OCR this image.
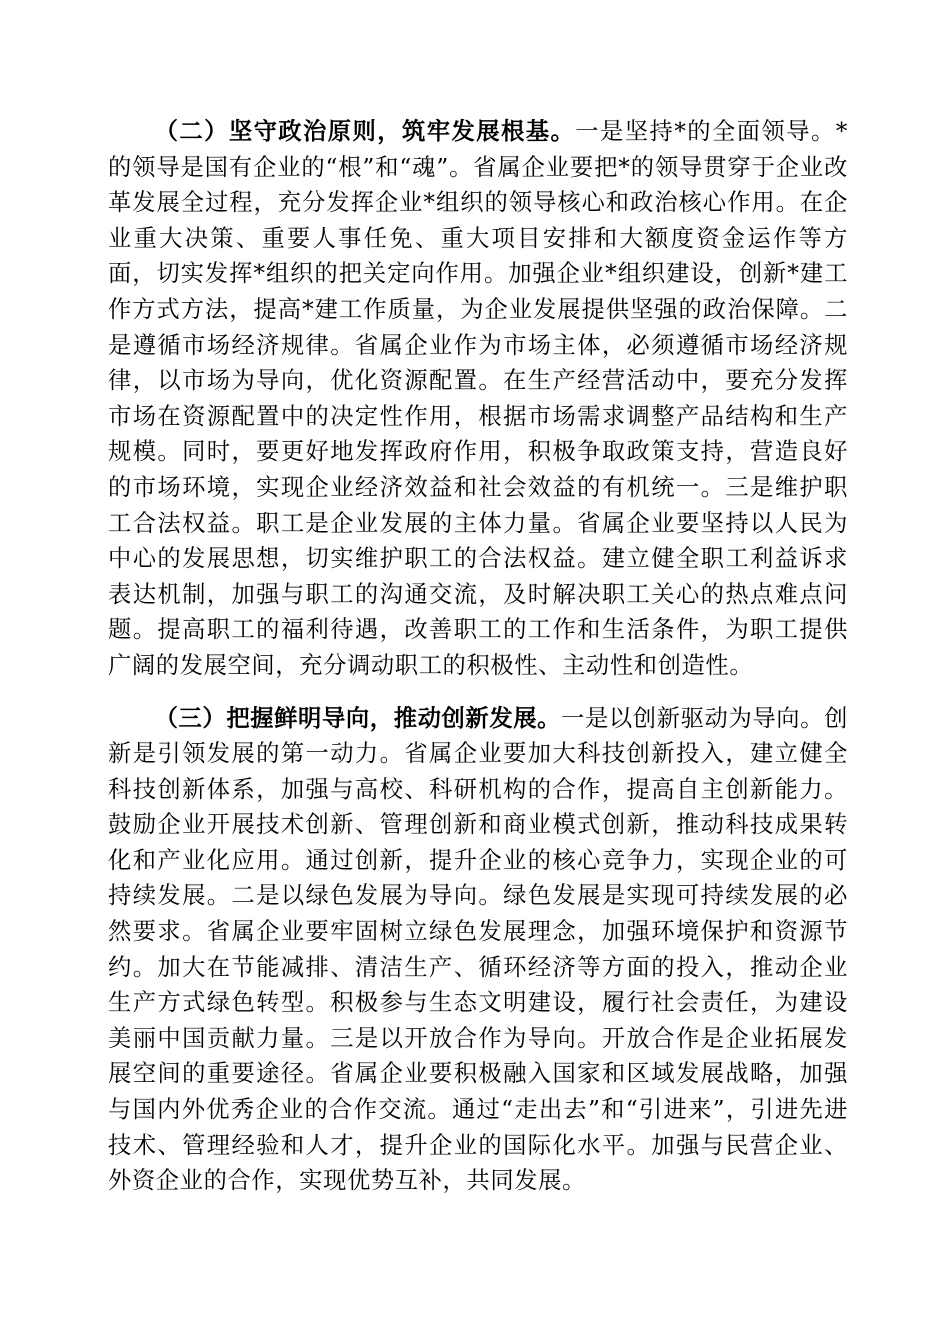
（二）坚守政治原则，筑牢发展根基。一是坚持*的全面领导。*的领导是国有企业的“根”和“魂”。省属企业要把*的领导贯穿于企业改革发展全过程，充分发挥企业*组织的领导核心和政治核心作用。在企业重大决策、重要人事任免、重大项目安排和大额度资金运作等方面，切实发挥*组织的把关定向作用。加强企业*组织建设，创新*建工作方式方法，提高*建工作质量，为企业发展提供坚强的政治保障。二是遵循市场经济规律。省属企业作为市场主体，必须遵循市场经济规律，以市场为导向，优化资源配置。在生产经营活动中，要充分发挥市场在资源配置中的决定性作用，根据市场需求调整产品结构和生产规模。同时，要更好地发挥政府作用，积极争取政策支持，营造良好的市场环境，实现企业经济效益和社会效益的有机统一。三是维护职工合法权益。职工是企业发展的主体力量。省属企业要坚持以人民为中心的发展思想，切实维护职工的合法权益。建立健全职工利益诉求表达机制，加强与职工的沟通交流，及时解决职工关心的热点难点问题。提高职工的福利待遇，改善职工的工作和生活条件，为职工提供广阔的发展空间，充分调动职工的积极性、主动性和创造性。

（三）把握鲜明导向，推动创新发展。一是以创新驱动为导向。创新是引领发展的第一动力。省属企业要加大科技创新投入，建立健全科技创新体系，加强与高校、科研机构的合作，提高自主创新能力。鼓励企业开展技术创新、管理创新和商业模式创新，推动科技成果转化和产业化应用。通过创新，提升企业的核心竞争力，实现企业的可持续发展。二是以绿色发展为导向。绿色发展是实现可持续发展的必然要求。省属企业要牢固树立绿色发展理念，加强环境保护和资源节约。加大在节能减排、清洁生产、循环经济等方面的投入，推动企业生产方式绿色转型。积极参与生态文明建设，履行社会责任，为建设美丽中国贡献力量。三是以开放合作为导向。开放合作是企业拓展发展空间的重要途径。省属企业要积极融入国家和区域发展战略，加强与国内外优秀企业的合作交流。通过“走出去”和“引进来”，引进先进技术、管理经验和人才，提升企业的国际化水平。加强与民营企业、外资企业的合作，实现优势互补，共同发展。
